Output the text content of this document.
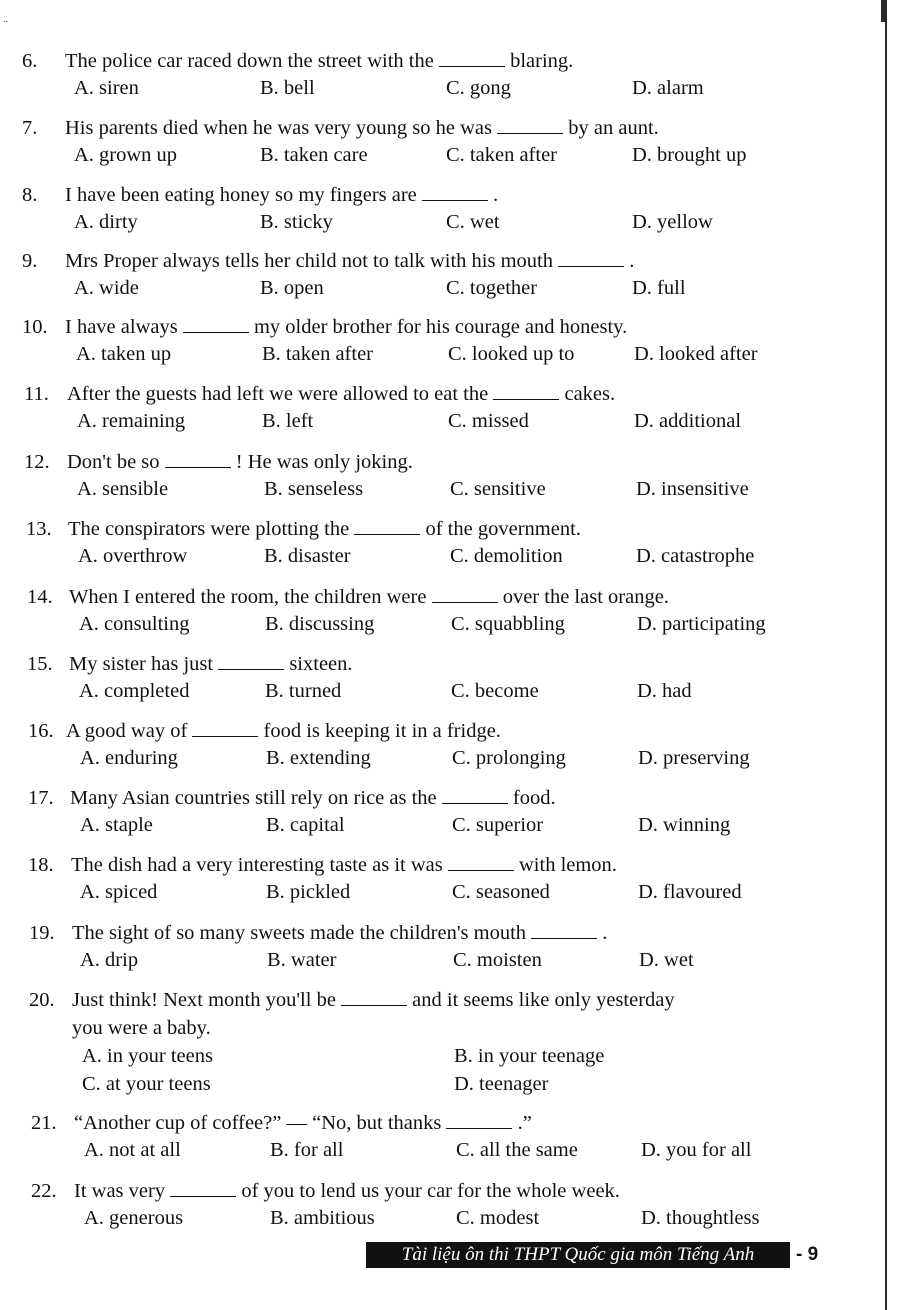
..
6.	The police car raced down the street with the	blaring.
A. siren	B. bell	C. gong	D. alarm
7.	His parents died when he was very young so he was	by an aunt.
A. grown up	B. taken care	C. taken after	D. brought up
8.	I have been eating honey so my fingers are	.
A. dirty	B. sticky	C. wet	D. yellow
9.	Mrs Proper always tells her child not to talk with his mouth	.
A. wide	B. open	C. together	D. full
10. I have always	my older brother for his courage and honesty.
A. taken up	B. taken after	C. looked up to	D. looked after
11. After the guests had left we were allowed to eat the	cakes.
A. remaining	B. left	C. missed	D. additional
12. Don't be so	! He was only joking.
A. sensible	B. senseless	C. sensitive	D. insensitive
13. The conspirators were plotting the	of the government.
A. overthrow	B. disaster	C. demolition	D. catastrophe
14. When I entered the room, the children were	over the last orange.
A. consulting	B. discussing	C. squabbling	D. participating
15. My sister has just	sixteen.
A. completed	B. turned	C. become	D. had
16. A good way of	food is keeping it in a fridge.
A. enduring	B. extending	C. prolonging	D. preserving
17. Many Asian countries still rely on rice as the	food.
A. staple	B. capital	C. superior	D. winning
18. The dish had a very interesting taste as it was	with lemon.
A. spiced	B. pickled	C. seasoned	D. flavoured
19. The sight of so many sweets made the children's mouth	.
A. drip	B. water	C. moisten	D. wet
20. Just think! Next month you'll be	and it seems like only yesterday
you were a baby.
A. in your teens	B. in your teenage
C. at your teens	D. teenager
21. “Another cup of coffee?” — “No, but thanks	.”
A. not at all	B. for all	C. all the same	D. you for all
22. It was very	of you to lend us your car for the whole week.
A. generous	B. ambitious	C. modest	D. thoughtless
Tài liệu ôn thi THPT Quốc gia môn Tiếng Anh	- 9
